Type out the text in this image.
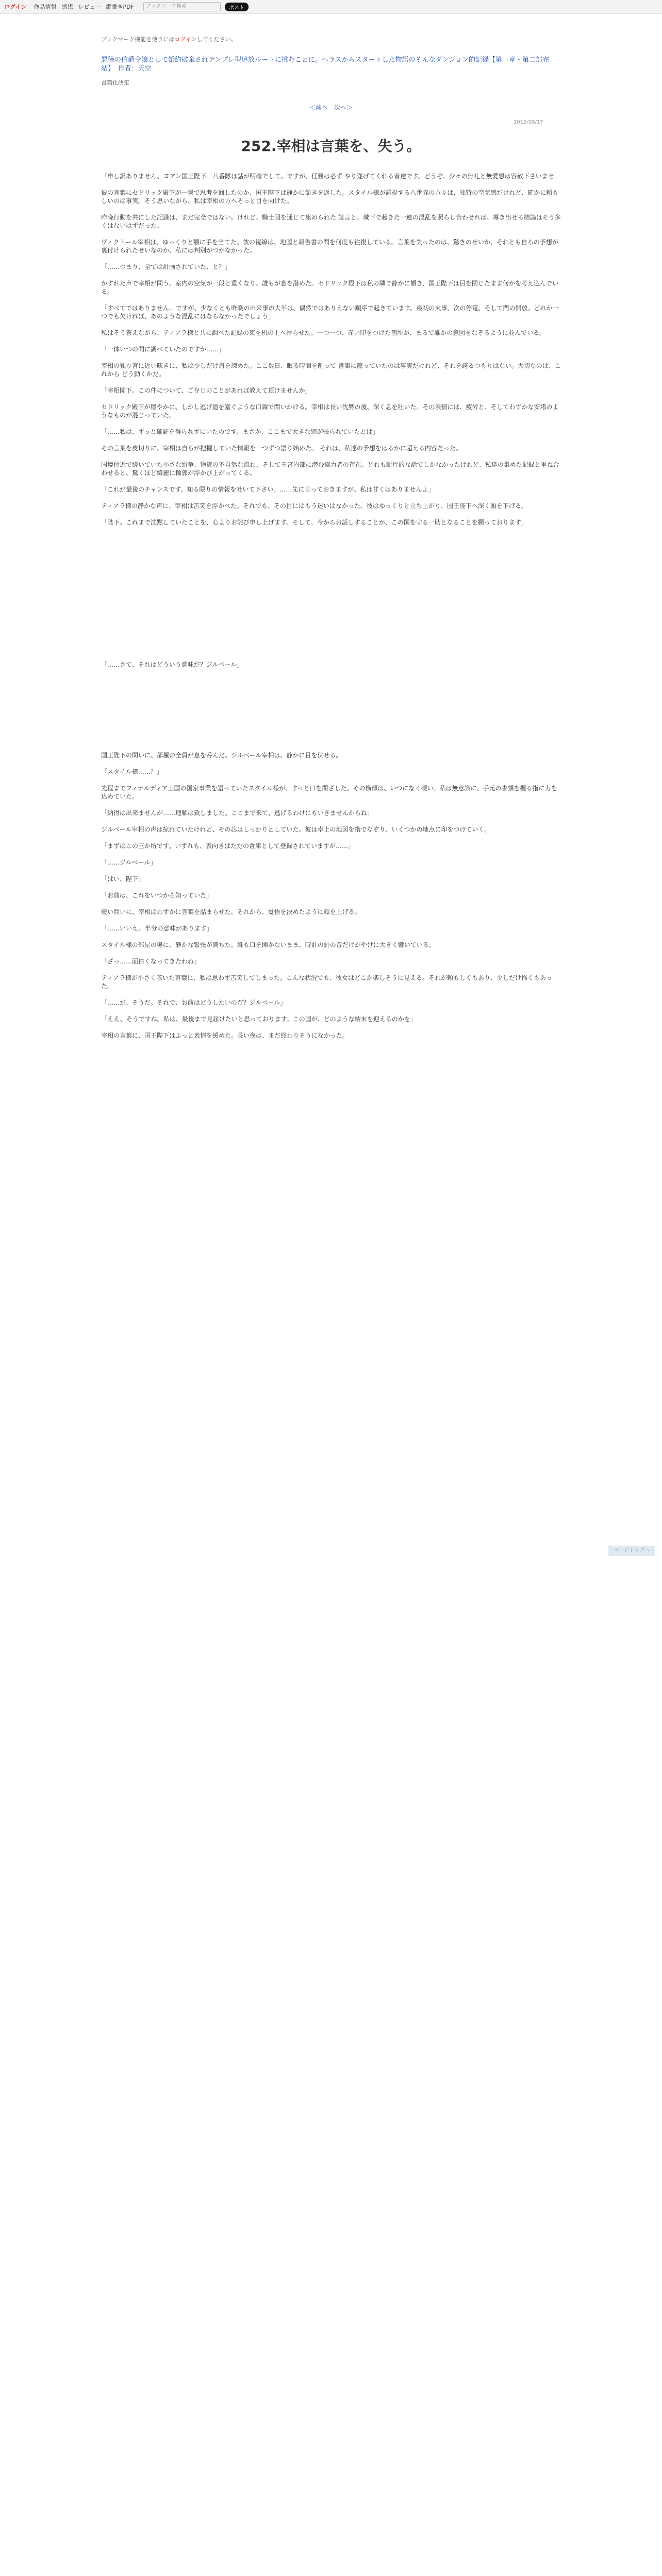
ログイン 作品情報 感想 レビュー 縦書きPDF	ブックマーク検索	ポスト
ブックマーク機能を使うにはログインしてください。
悪徳の伯爵令嬢として婚約破棄されテンプレ型追放ルートに挑むことに。ヘラスからスタートした物語のそんなダンジョン的記録【第一章・第二部完結】　作者：天空
書籍化決定
2012/09/17
＜前へ　次へ＞
252.宰相は言葉を、失う。

「申し訳ありません、ヨアン国王陛下。八番隊は話が明確でして。ですが、任務は必ず やり遂げてくれる者達です。どうぞ、少々の無礼と無愛想は容赦下さいませ」

彼の言葉にセドリック殿下が一瞬で思考を回したのか、国王陛下は静かに頷きを返した。スタイル様が監視する八番隊の方々は、独特の空気感だけれど、確かに頼もしいのは事実。そう思いながら、私は宰相の方へそっと目を向けた。

昨晩行動を共にした記録は、まだ完全ではない。けれど、騎士団を通じて集められた 証言と、城下で起きた一連の混乱を照らし合わせれば、導き出せる結論はそう多くはないはずだった。

ヴィクトール宰相は、ゆっくりと顎に手を当てた。彼の視線は、地図と報告書の間を何度も往復している。言葉を失ったのは、驚きのせいか、それとも自らの予想が裏付けられたせいなのか、私には判別がつかなかった。

「……つまり、全ては計画されていた、と？」

かすれた声で宰相が問う。室内の空気が一段と重くなり、誰もが息を潜めた。セドリック殿下は私の隣で静かに頷き、国王陛下は目を閉じたまま何かを考え込んでいる。

「すべてではありません。ですが、少なくとも昨晩の出来事の大半は、偶然ではありえない順序で起きています。最初の火事、次の停電、そして門の開放。どれか一つでも欠ければ、あのような混乱にはならなかったでしょう」

私はそう答えながら、ティアラ様と共に調べた記録の束を机の上へ滑らせた。一つ一つ、赤い印をつけた箇所が、まるで誰かの意図をなぞるように並んでいる。

「一体いつの間に調べていたのですか……」

宰相の独り言に近い呟きに、私は少しだけ肩を竦めた。ここ数日、眠る時間を削って 書庫に籠っていたのは事実だけれど、それを誇るつもりはない。大切なのは、これから どう動くかだ。

「宰相閣下。この件について、ご存じのことがあれば教えて頂けませんか」

セドリック殿下が穏やかに、しかし逃げ道を塞ぐような口調で問いかける。宰相は長い沈黙の後、深く息を吐いた。その表情には、疲労と、そしてわずかな安堵のようなものが混じっていた。

「……私は、ずっと確証を得られずにいたのです。まさか、ここまで大きな網が張られていたとは」

その言葉を皮切りに、宰相は自らが把握していた情報を一つずつ語り始めた。 それは、私達の予想をはるかに超える内容だった。

国境付近で続いていた小さな紛争、物資の不自然な流れ、そして王宮内部に潜む協力者の存在。どれも断片的な話でしかなかったけれど、私達の集めた記録と重ね合わせると、驚くほど綺麗に輪郭が浮かび上がってくる。

「これが最後のチャンスです。知る限りの情報を吐いて下さい。……先に言っておきますが、私は甘くはありませんよ」

ティアラ様の静かな声に、宰相は苦笑を浮かべた。それでも、その目にはもう迷いはなかった。彼はゆっくりと立ち上がり、国王陛下へ深く頭を下げる。

「陛下。これまで沈黙していたことを、心よりお詫び申し上げます。そして、今からお話しすることが、この国を守る一助となることを願っております」

「……さて、それはどういう意味だ？ジルベール」

国王陛下の問いに、部屋の全員が息を呑んだ。ジルベール宰相は、静かに目を伏せる。

「スタイル様……？」

先程までフィナルディア王国の国家事業を語っていたスタイル様が、すっと口を閉ざした。その横顔は、いつになく硬い。私は無意識に、手元の書類を握る指に力を込めていた。

「納得は出来ませんが……理解は致しました。ここまで来て、逃げるわけにもいきませんからね」

ジルベール宰相の声は掠れていたけれど、その芯はしっかりとしていた。彼は卓上の地図を指でなぞり、いくつかの地点に印をつけていく。

「まずはこの三か所です。いずれも、表向きはただの倉庫として登録されていますが……」

「……ジルベール」

「はい、陛下」

「お前は、これをいつから知っていた」

短い問いに、宰相はわずかに言葉を詰まらせた。それから、覚悟を決めたように顔を上げる。

「……いいえ、半分の意味があります」

スタイル様の部屋の奥に、静かな緊張が満ちた。誰も口を開かないまま、時計の針の音だけがやけに大きく響いている。

「ざっ……面白くなってきたわね」

ティアラ様が小さく呟いた言葉に、私は思わず苦笑してしまった。こんな状況でも、彼女はどこか楽しそうに見える。それが頼もしくもあり、少しだけ怖くもあった。

「……だ、そうだ。それで、お前はどうしたいのだ？ジルベール」

「ええ、そうですね。私は、最後まで見届けたいと思っております。この国が、どのような結末を迎えるのかを」

宰相の言葉に、国王陛下はふっと表情を緩めた。長い夜は、まだ終わりそうになかった。

ページトップへ
